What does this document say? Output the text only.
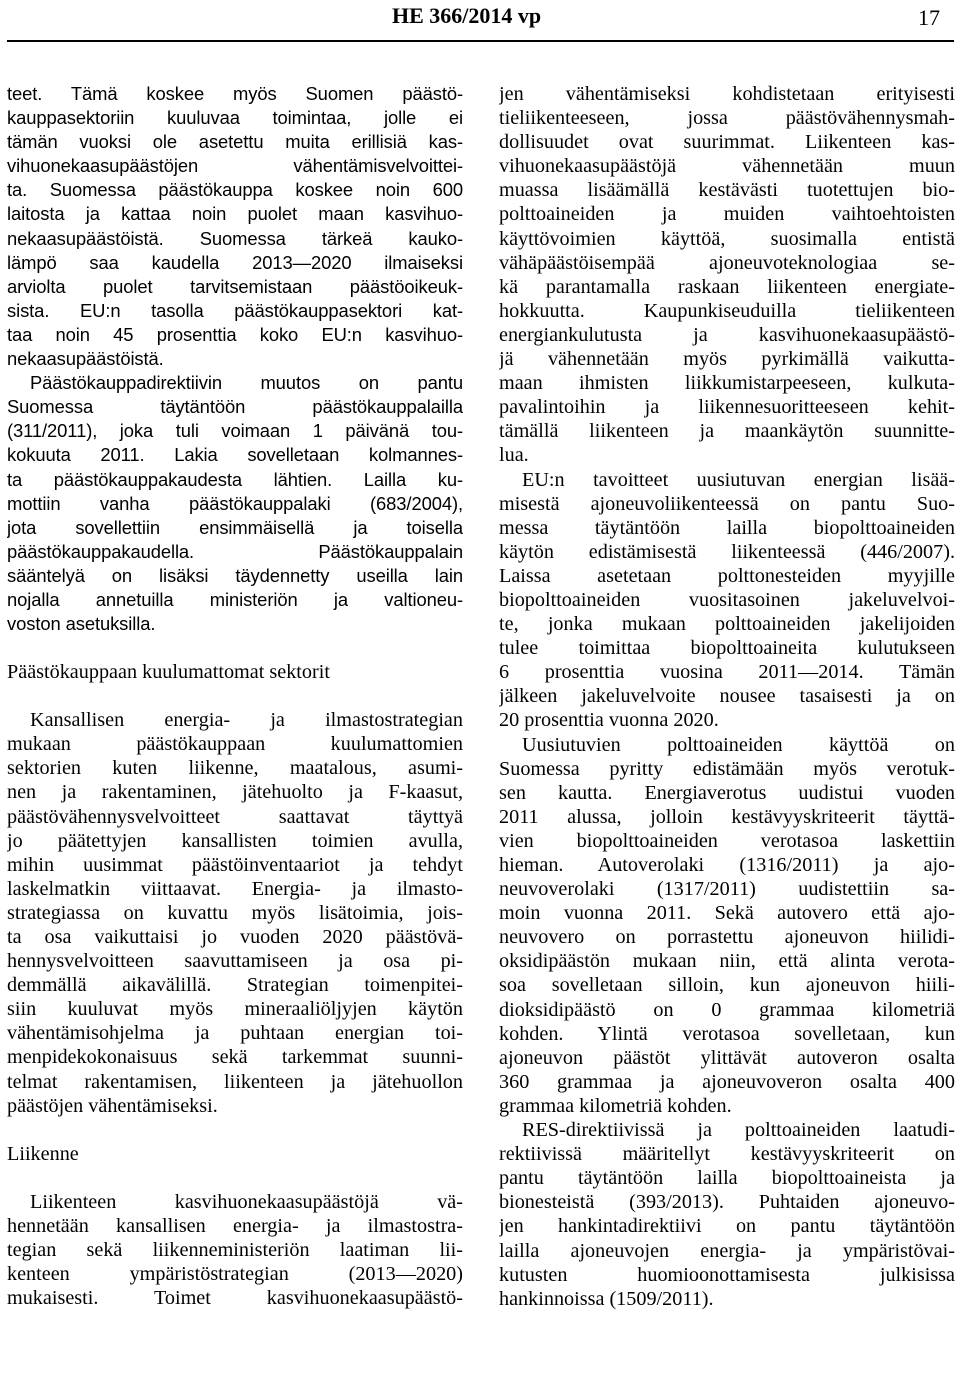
HE 366/2014 vp	17
teet. Tämä koskee myös Suomen päästö-
kauppasektoriin kuuluvaa toimintaa, jolle ei
tämän vuoksi ole asetettu muita erillisiä kas-
vihuonekaasupäästöjen vähentämisvelvoittei-
ta. Suomessa päästökauppa koskee noin 600
laitosta ja kattaa noin puolet maan kasvihuo-
nekaasupäästöistä. Suomessa tärkeä kauko-
lämpö saa kaudella 2013—2020 ilmaiseksi
arviolta puolet tarvitsemistaan päästöoikeuk-
sista. EU:n tasolla päästökauppasektori kat-
taa noin 45 prosenttia koko EU:n kasvihuo-
nekaasupäästöistä.
Päästökauppadirektiivin muutos on pantu
Suomessa täytäntöön päästökauppalailla
(311/2011), joka tuli voimaan 1 päivänä tou-
kokuuta 2011. Lakia sovelletaan kolmannes-
ta päästökauppakaudesta lähtien. Lailla ku-
mottiin vanha päästökauppalaki (683/2004),
jota sovellettiin ensimmäisellä ja toisella
päästökauppakaudella. Päästökauppalain
sääntelyä on lisäksi täydennetty useilla lain
nojalla annetuilla ministeriön ja valtioneu-
voston asetuksilla.
Päästökauppaan kuulumattomat sektorit
Kansallisen energia- ja ilmastostrategian
mukaan päästökauppaan kuulumattomien
sektorien kuten liikenne, maatalous, asumi-
nen ja rakentaminen, jätehuolto ja F-kaasut,
päästövähennysvelvoitteet saattavat täyttyä
jo päätettyjen kansallisten toimien avulla,
mihin uusimmat päästöinventaariot ja tehdyt
laskelmatkin viittaavat. Energia- ja ilmasto-
strategiassa on kuvattu myös lisätoimia, jois-
ta osa vaikuttaisi jo vuoden 2020 päästövä-
hennysvelvoitteen saavuttamiseen ja osa pi-
demmällä aikavälillä. Strategian toimenpitei-
siin kuuluvat myös mineraaliöljyjen käytön
vähentämisohjelma ja puhtaan energian toi-
menpidekokonaisuus sekä tarkemmat suunni-
telmat rakentamisen, liikenteen ja jätehuollon
päästöjen vähentämiseksi.
Liikenne
Liikenteen kasvihuonekaasupäästöjä vä-
hennetään kansallisen energia- ja ilmastostra-
tegian sekä liikenneministeriön laatiman lii-
kenteen ympäristöstrategian (2013—2020)
mukaisesti. Toimet kasvihuonekaasupäästö-
jen vähentämiseksi kohdistetaan erityisesti
tieliikenteeseen, jossa päästövähennysmah-
dollisuudet ovat suurimmat. Liikenteen kas-
vihuonekaasupäästöjä vähennetään muun
muassa lisäämällä kestävästi tuotettujen bio-
polttoaineiden ja muiden vaihtoehtoisten
käyttövoimien käyttöä, suosimalla entistä
vähäpäästöisempää ajoneuvoteknologiaa se-
kä parantamalla raskaan liikenteen energiate-
hokkuutta. Kaupunkiseuduilla tieliikenteen
energiankulutusta ja kasvihuonekaasupäästö-
jä vähennetään myös pyrkimällä vaikutta-
maan ihmisten liikkumistarpeeseen, kulkuta-
pavalintoihin ja liikennesuoritteeseen kehit-
tämällä liikenteen ja maankäytön suunnitte-
lua.
EU:n tavoitteet uusiutuvan energian lisää-
misestä ajoneuvoliikenteessä on pantu Suo-
messa täytäntöön lailla biopolttoaineiden
käytön edistämisestä liikenteessä (446/2007).
Laissa asetetaan polttonesteiden myyjille
biopolttoaineiden vuositasoinen jakeluvelvoi-
te, jonka mukaan polttoaineiden jakelijoiden
tulee toimittaa biopolttoaineita kulutukseen
6 prosenttia vuosina 2011—2014. Tämän
jälkeen jakeluvelvoite nousee tasaisesti ja on
20 prosenttia vuonna 2020.
Uusiutuvien polttoaineiden käyttöä on
Suomessa pyritty edistämään myös verotuk-
sen kautta. Energiaverotus uudistui vuoden
2011 alussa, jolloin kestävyyskriteerit täyttä-
vien biopolttoaineiden verotasoa laskettiin
hieman. Autoverolaki (1316/2011) ja ajo-
neuvoverolaki (1317/2011) uudistettiin sa-
moin vuonna 2011. Sekä autovero että ajo-
neuvovero on porrastettu ajoneuvon hiilidi-
oksidipäästön mukaan niin, että alinta verota-
soa sovelletaan silloin, kun ajoneuvon hiili-
dioksidipäästö on 0 grammaa kilometriä
kohden. Ylintä verotasoa sovelletaan, kun
ajoneuvon päästöt ylittävät autoveron osalta
360 grammaa ja ajoneuvoveron osalta 400
grammaa kilometriä kohden.
RES-direktiivissä ja polttoaineiden laatudi-
rektiivissä määritellyt kestävyyskriteerit on
pantu täytäntöön lailla biopolttoaineista ja
bionesteistä (393/2013). Puhtaiden ajoneuvo-
jen hankintadirektiivi on pantu täytäntöön
lailla ajoneuvojen energia- ja ympäristövai-
kutusten huomioonottamisesta julkisissa
hankinnoissa (1509/2011).
